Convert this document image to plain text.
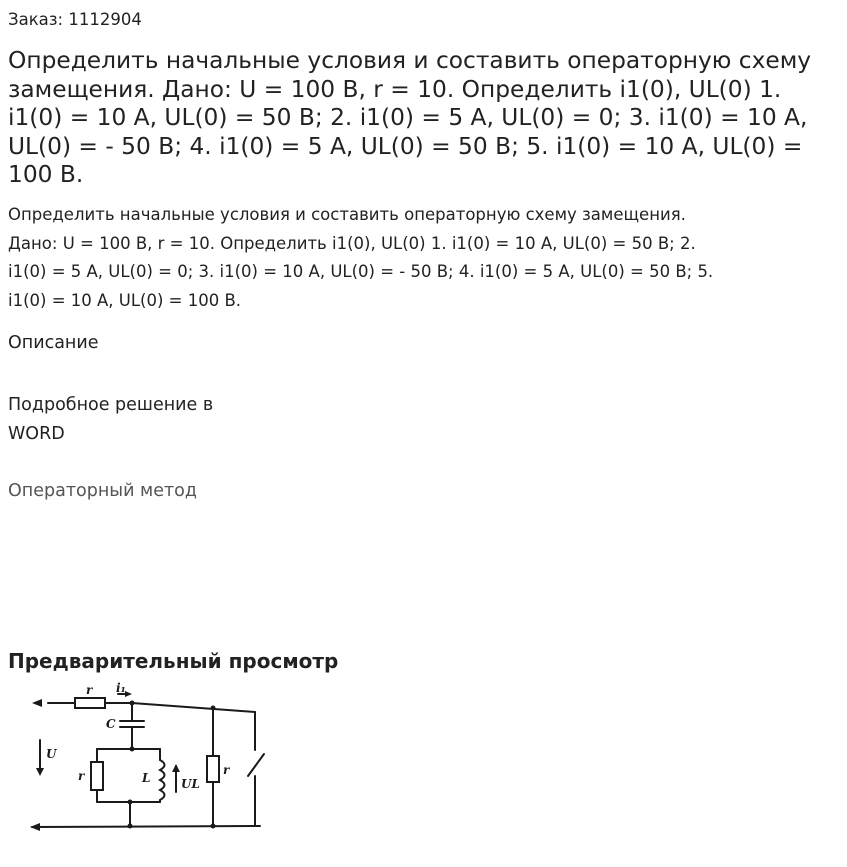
Заказ: 1112904
Определить начальные условия и составить операторную схему
замещения. Дано: U = 100 В, r = 10. Определить i1(0), UL(0) 1.
i1(0) = 10 А, UL(0) = 50 В; 2. i1(0) = 5 А, UL(0) = 0; 3. i1(0) = 10 А,
UL(0) = - 50 В; 4. i1(0) = 5 А, UL(0) = 50 В; 5. i1(0) = 10 А, UL(0) =
100 В.
Определить начальные условия и составить операторную схему замещения.
Дано: U = 100 В, r = 10. Определить i1(0), UL(0) 1. i1(0) = 10 А, UL(0) = 50 В; 2.
i1(0) = 5 А, UL(0) = 0; 3. i1(0) = 10 А, UL(0) = - 50 В; 4. i1(0) = 5 А, UL(0) = 50 В; 5.
i1(0) = 10 А, UL(0) = 100 В.
Описание
Подробное решение в
WORD
Операторный метод
Предварительный просмотр
r i₁
C
U
r	L	UL
r
